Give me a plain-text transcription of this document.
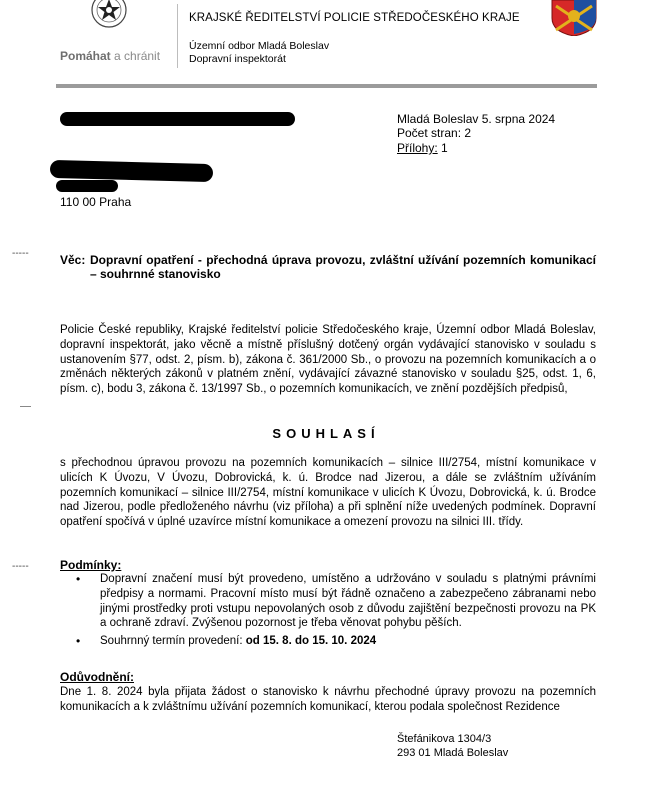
Pomáhat a chránit
KRAJSKÉ ŘEDITELSTVÍ POLICIE STŘEDOČESKÉHO KRAJE
Územní odbor Mladá Boleslav
Dopravní inspektorát
110 00 Praha
Mladá Boleslav 5. srpna 2024
Počet stran: 2
Přílohy: 1
-----
-----
Věc: Dopravní opatření - přechodná úprava provozu, zvláštní užívání pozemních komunikací – souhrnné stanovisko
Policie České republiky, Krajské ředitelství policie Středočeského kraje, Územní odbor Mladá Boleslav, dopravní inspektorát, jako věcně a místně příslušný dotčený orgán vydávající stanovisko v souladu s ustanovením §77, odst. 2, písm. b), zákona č. 361/2000 Sb., o provozu na pozemních komunikacích a o změnách některých zákonů v platném znění, vydávající závazné stanovisko v souladu §25, odst. 1, 6, písm. c), bodu 3, zákona č. 13/1997 Sb., o pozemních komunikacích, ve znění pozdějších předpisů,
SOUHLASÍ
s přechodnou úpravou provozu na pozemních komunikacích – silnice III/2754, místní komunikace v ulicích K Úvozu, V Úvozu, Dobrovická, k. ú. Brodce nad Jizerou, a dále se zvláštním užíváním pozemních komunikací – silnice III/2754, místní komunikace v ulicích K Úvozu, Dobrovická, k. ú. Brodce nad Jizerou, podle předloženého návrhu (viz příloha) a při splnění níže uvedených podmínek. Dopravní opatření spočívá v úplné uzavírce místní komunikace a omezení provozu na silnici III. třídy.
Podmínky:
• Dopravní značení musí být provedeno, umístěno a udržováno v souladu s platnými právními předpisy a normami. Pracovní místo musí být řádně označeno a zabezpečeno zábranami nebo jinými prostředky proti vstupu nepovolaných osob z důvodu zajištění bezpečnosti provozu na PK a ochraně zdraví. Zvýšenou pozornost je třeba věnovat pohybu pěších.
• Souhrnný termín provedení: od 15. 8. do 15. 10. 2024
Odůvodnění:
Dne 1. 8. 2024 byla přijata žádost o stanovisko k návrhu přechodné úpravy provozu na pozemních komunikacích a k zvláštnímu užívání pozemních komunikací, kterou podala společnost Rezidence
Štefánikova 1304/3
293 01 Mladá Boleslav
